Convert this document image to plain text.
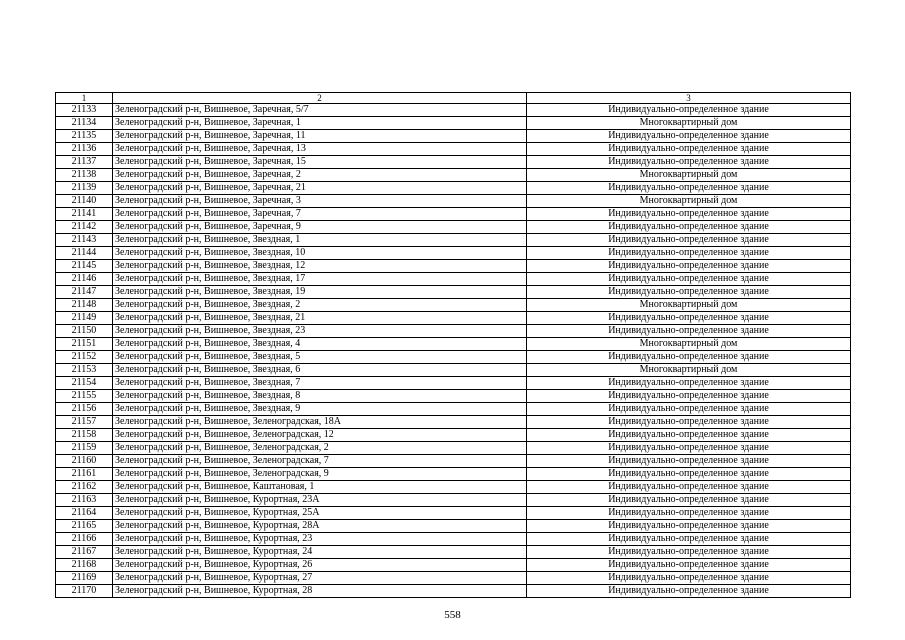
1	2	3
21133	Зеленоградский р-н, Вишневое, Заречная, 5/7	Индивидуально-определенное здание
21134	Зеленоградский р-н, Вишневое, Заречная, 1	Многоквартирный дом
21135	Зеленоградский р-н, Вишневое, Заречная, 11	Индивидуально-определенное здание
21136	Зеленоградский р-н, Вишневое, Заречная, 13	Индивидуально-определенное здание
21137	Зеленоградский р-н, Вишневое, Заречная, 15	Индивидуально-определенное здание
21138	Зеленоградский р-н, Вишневое, Заречная, 2	Многоквартирный дом
21139	Зеленоградский р-н, Вишневое, Заречная, 21	Индивидуально-определенное здание
21140	Зеленоградский р-н, Вишневое, Заречная, 3	Многоквартирный дом
21141	Зеленоградский р-н, Вишневое, Заречная, 7	Индивидуально-определенное здание
21142	Зеленоградский р-н, Вишневое, Заречная, 9	Индивидуально-определенное здание
21143	Зеленоградский р-н, Вишневое, Звездная, 1	Индивидуально-определенное здание
21144	Зеленоградский р-н, Вишневое, Звездная, 10	Индивидуально-определенное здание
21145	Зеленоградский р-н, Вишневое, Звездная, 12	Индивидуально-определенное здание
21146	Зеленоградский р-н, Вишневое, Звездная, 17	Индивидуально-определенное здание
21147	Зеленоградский р-н, Вишневое, Звездная, 19	Индивидуально-определенное здание
21148	Зеленоградский р-н, Вишневое, Звездная, 2	Многоквартирный дом
21149	Зеленоградский р-н, Вишневое, Звездная, 21	Индивидуально-определенное здание
21150	Зеленоградский р-н, Вишневое, Звездная, 23	Индивидуально-определенное здание
21151	Зеленоградский р-н, Вишневое, Звездная, 4	Многоквартирный дом
21152	Зеленоградский р-н, Вишневое, Звездная, 5	Индивидуально-определенное здание
21153	Зеленоградский р-н, Вишневое, Звездная, 6	Многоквартирный дом
21154	Зеленоградский р-н, Вишневое, Звездная, 7	Индивидуально-определенное здание
21155	Зеленоградский р-н, Вишневое, Звездная, 8	Индивидуально-определенное здание
21156	Зеленоградский р-н, Вишневое, Звездная, 9	Индивидуально-определенное здание
21157	Зеленоградский р-н, Вишневое, Зеленоградская, 18А	Индивидуально-определенное здание
21158	Зеленоградский р-н, Вишневое, Зеленоградская, 12	Индивидуально-определенное здание
21159	Зеленоградский р-н, Вишневое, Зеленоградская, 2	Индивидуально-определенное здание
21160	Зеленоградский р-н, Вишневое, Зеленоградская, 7	Индивидуально-определенное здание
21161	Зеленоградский р-н, Вишневое, Зеленоградская, 9	Индивидуально-определенное здание
21162	Зеленоградский р-н, Вишневое, Каштановая, 1	Индивидуально-определенное здание
21163	Зеленоградский р-н, Вишневое, Курортная, 23А	Индивидуально-определенное здание
21164	Зеленоградский р-н, Вишневое, Курортная, 25А	Индивидуально-определенное здание
21165	Зеленоградский р-н, Вишневое, Курортная, 28А	Индивидуально-определенное здание
21166	Зеленоградский р-н, Вишневое, Курортная, 23	Индивидуально-определенное здание
21167	Зеленоградский р-н, Вишневое, Курортная, 24	Индивидуально-определенное здание
21168	Зеленоградский р-н, Вишневое, Курортная, 26	Индивидуально-определенное здание
21169	Зеленоградский р-н, Вишневое, Курортная, 27	Индивидуально-определенное здание
21170	Зеленоградский р-н, Вишневое, Курортная, 28	Индивидуально-определенное здание
558
